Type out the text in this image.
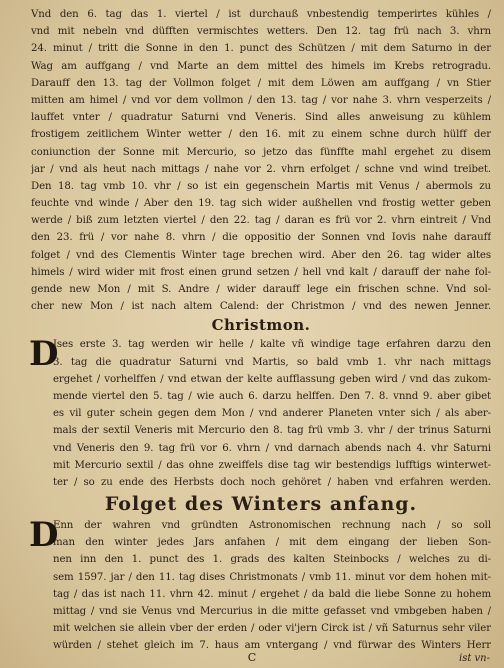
Vnd den 6. tag das 1. viertel / ist durchauß vnbestendig temperirtes kühles /
vnd mit nebeln vnd düfften vermischtes wetters. Den 12. tag frü nach 3. vhrn
24. minut / tritt die Sonne in den 1. punct des Schützen / mit dem Saturno in der
Wag am auffgang / vnd Marte an dem mittel des himels im Krebs retrogradu.
Darauff den 13. tag der Vollmon folget / mit dem Löwen am auffgang / vn Stier
mitten am himel / vnd vor dem vollmon / den 13. tag / vor nahe 3. vhrn vesperzeits /
lauffet vnter / quadratur Saturni vnd Veneris. Sind alles anweisung zu kühlem
frostigem zeitlichem Winter wetter / den 16. mit zu einem schne durch hülff der
coniunction der Sonne mit Mercurio, so jetzo das fünffte mahl ergehet zu disem
jar / vnd als heut nach mittags / nahe vor 2. vhrn erfolget / schne vnd wind treibet.
Den 18. tag vmb 10. vhr / so ist ein gegenschein Martis mit Venus / abermols zu
feuchte vnd winde / Aber den 19. tag sich wider außhellen vnd frostig wetter geben
werde / biß zum letzten viertel / den 22. tag / daran es frü vor 2. vhrn eintreit / Vnd
den 23. frü / vor nahe 8. vhrn / die oppositio der Sonnen vnd Iovis nahe darauff
folget / vnd des Clementis Winter tage brechen wird. Aber den 26. tag wider altes
himels / wird wider mit frost einen grund setzen / hell vnd kalt / darauff der nahe fol-
gende new Mon / mit S. Andre / wider darauff lege ein frischen schne. Vnd sol-
cher new Mon / ist nach altem Calend: der Christmon / vnd des newen Jenner.
Christmon.
D
Ises erste 3. tag werden wir helle / kalte vñ windige tage erfahren darzu den
3. tag die quadratur Saturni vnd Martis, so bald vmb 1. vhr nach mittags
ergehet / vorhelffen / vnd etwan der kelte aufflassung geben wird / vnd das zukom-
mende viertel den 5. tag / wie auch 6. darzu helffen. Den 7. 8. vnnd 9. aber gibet
es vil guter schein gegen dem Mon / vnd anderer Planeten vnter sich / als aber-
mals der sextil Veneris mit Mercurio den 8. tag frü vmb 3. vhr / der trinus Saturni
vnd Veneris den 9. tag frü vor 6. vhrn / vnd darnach abends nach 4. vhr Saturni
mit Mercurio sextil / das ohne zweiffels dise tag wir bestendigs lufftigs winterwet-
ter / so zu ende des Herbsts doch noch gehöret / haben vnd erfahren werden.
Folget des Winters anfang.
D
Enn der wahren vnd gründten Astronomischen rechnung nach / so soll
man den winter jedes Jars anfahen / mit dem eingang der lieben Son-
nen inn den 1. punct des 1. grads des kalten Steinbocks / welches zu di-
sem 1597. jar / den 11. tag dises Christmonats / vmb 11. minut vor dem hohen mit-
tag / das ist nach 11. vhrn 42. minut / ergehet / da bald die liebe Sonne zu hohem
mittag / vnd sie Venus vnd Mercurius in die mitte gefasset vnd vmbgeben haben /
mit welchen sie allein vber der erden / oder vi'jern Circk ist / vñ Saturnus sehr viler
würden / stehet gleich im 7. haus am vntergang / vnd fürwar des Winters Herr
C	ist vn-
